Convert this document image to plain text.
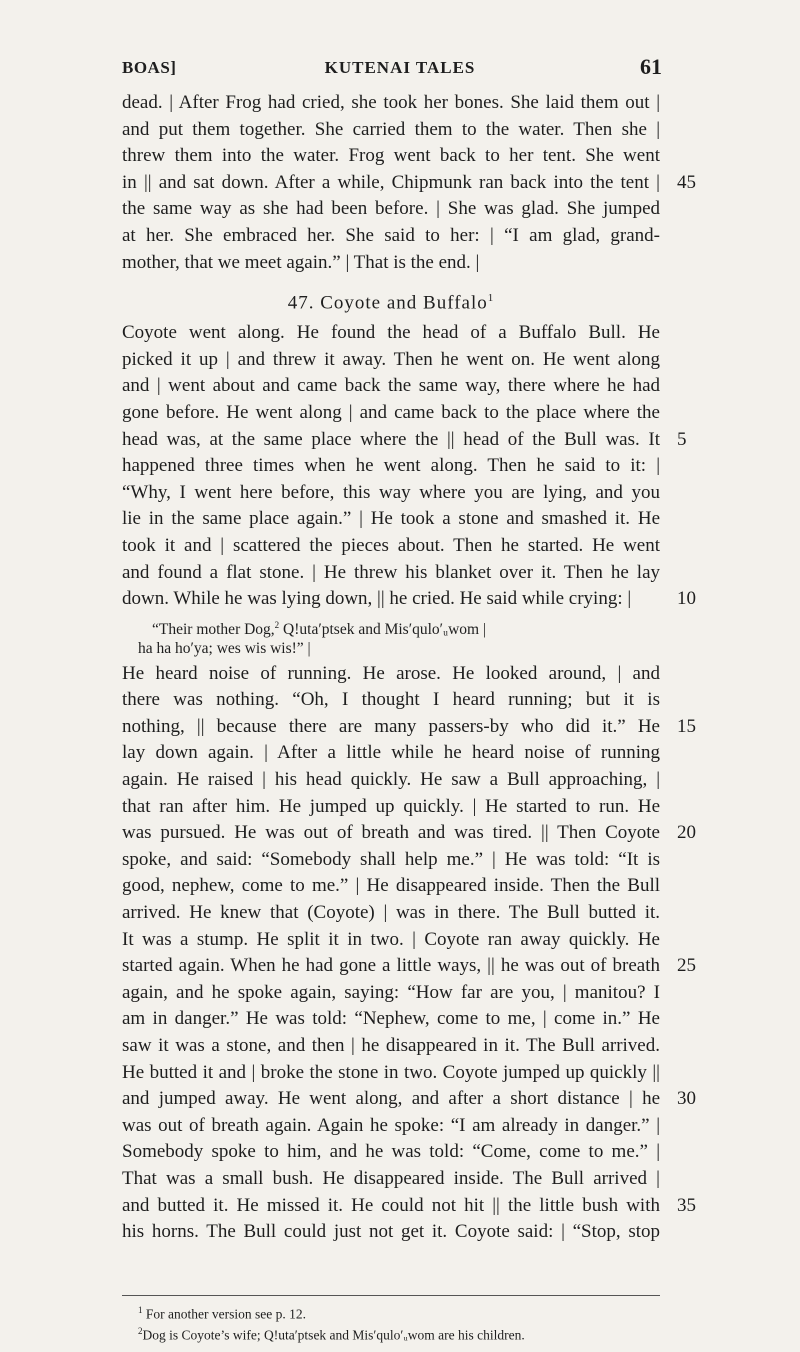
BOAS]	KUTENAI TALES	61
dead. | After Frog had cried, she took her bones. She laid them out |
and put them together. She carried them to the water. Then she |
threw them into the water. Frog went back to her tent. She went
in || and sat down. After a while, Chipmunk ran back into the tent | 45
the same way as she had been before. | She was glad. She jumped
at her. She embraced her. She said to her: | “I am glad, grand-
mother, that we meet again.” | That is the end. |
47. Coyote and Buffalo$^1$
Coyote went along. He found the head of a Buffalo Bull. He
picked it up | and threw it away. Then he went on. He went along
and | went about and came back the same way, there where he had
gone before. He went along | and came back to the place where the
head was, at the same place where the || head of the Bull was. It 5
happened three times when he went along. Then he said to it: |
“Why, I went here before, this way where you are lying, and you
lie in the same place again.” | He took a stone and smashed it. He
took it and | scattered the pieces about. Then he started. He went
and found a flat stone. | He threw his blanket over it. Then he lay
down. While he was lying down, || he cried. He said while crying: |	10
“Their mother Dog,$^2$ Q!uta′ptsek and Mis′qulo′ᵤwom |
ha ha ho′ya; wes wis wis!” |
He heard noise of running. He arose. He looked around, | and
there was nothing. “Oh, I thought I heard running; but it is
nothing, || because there are many passers-by who did it.” He 15
lay down again. | After a little while he heard noise of running
again. He raised | his head quickly. He saw a Bull approaching, |
that ran after him. He jumped up quickly. | He started to run. He
was pursued. He was out of breath and was tired. || Then Coyote 20
spoke, and said: “Somebody shall help me.” | He was told: “It is
good, nephew, come to me.” | He disappeared inside. Then the Bull
arrived. He knew that (Coyote) | was in there. The Bull butted it.
It was a stump. He split it in two. | Coyote ran away quickly. He
started again. When he had gone a little ways, || he was out of breath 25
again, and he spoke again, saying: “How far are you, | manitou? I
am in danger.” He was told: “Nephew, come to me, | come in.” He
saw it was a stone, and then | he disappeared in it. The Bull arrived.
He butted it and | broke the stone in two. Coyote jumped up quickly ||
and jumped away. He went along, and after a short distance | he 30
was out of breath again. Again he spoke: “I am already in danger.” |
Somebody spoke to him, and he was told: “Come, come to me.” |
That was a small bush. He disappeared inside. The Bull arrived |
and butted it. He missed it. He could not hit || the little bush with 35
his horns. The Bull could just not get it. Coyote said: | “Stop, stop
$^1$ For another version see p. 12.
$^2$Dog is Coyote’s wife; Q!uta′ptsek and Mis′qulo′ᵤwom are his children.
